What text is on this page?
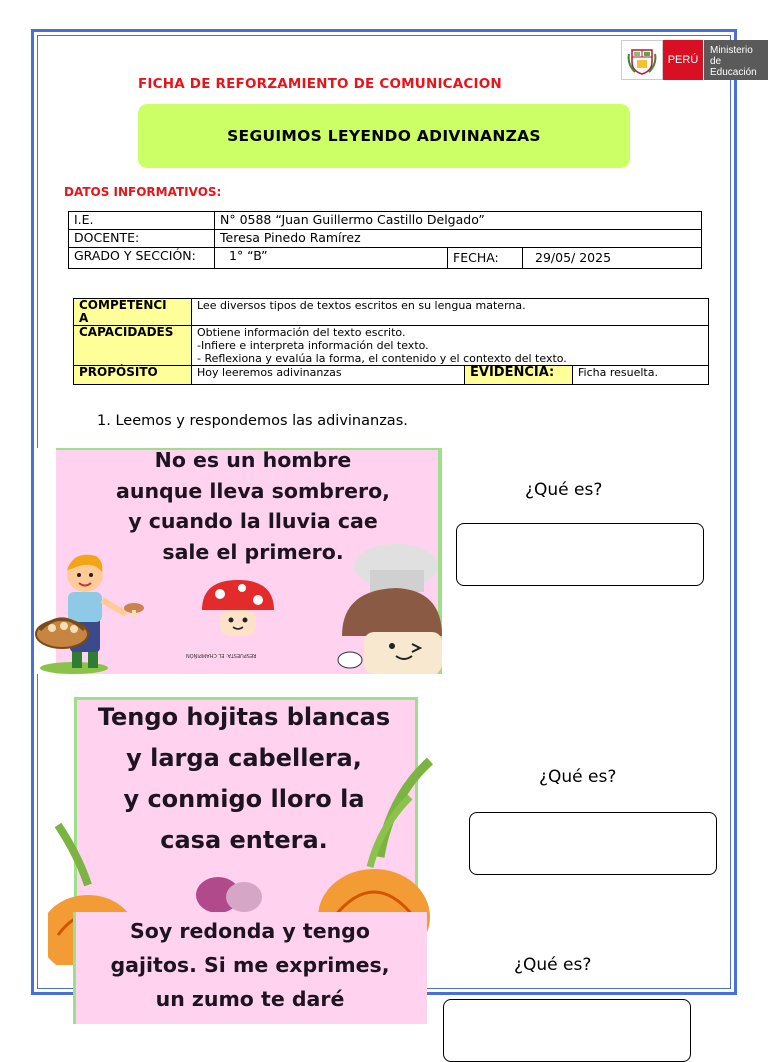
PERÚ
Ministerio
de Educación
FICHA DE REFORZAMIENTO DE COMUNICACION
SEGUIMOS LEYENDO ADIVINANZAS
DATOS INFORMATIVOS:
I.E.	N° 0588 “Juan Guillermo Castillo Delgado”		
DOCENTE:	Teresa Pinedo Ramírez		
GRADO Y SECCIÓN:	1° “B”	FECHA:	29/05/ 2025
COMPETENCI
A	Lee diversos tipos de textos escritos en su lengua materna.		
CAPACIDADES	Obtiene información del texto escrito.
-Infiere e interpreta información del texto.
- Reflexiona y evalúa la forma, el contenido y el contexto del texto.		

PROPÓSITO	Hoy leeremos adivinanzas	EVIDENCIA:	Ficha resuelta.
1. Leemos y respondemos las adivinanzas.
No es un hombre
aunque lleva sombrero,
y cuando la lluvia cae
sale el primero.
RESPUESTA: EL CHAMPIÑÓN
¿Qué es?
Tengo hojitas blancas
y larga cabellera,
y conmigo lloro la
casa entera.
¿Qué es?
Soy redonda y tengo
gajitos. Si me exprimes,
un zumo te daré
¿Qué es?
